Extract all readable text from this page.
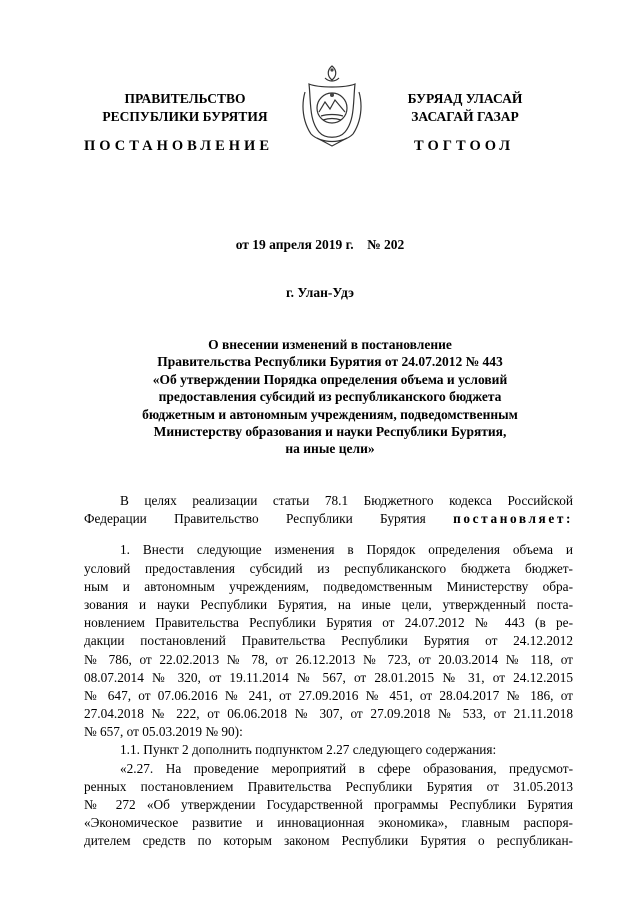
ПРАВИТЕЛЬСТВО
РЕСПУБЛИКИ БУРЯТИЯ
БУРЯАД УЛАСАЙ
ЗАСАГАЙ ГАЗАР
ПОСТАНОВЛЕНИЕ	ТОГТООЛ
от 19 апреля 2019 г.    № 202
г. Улан-Удэ
О внесении изменений в постановление
Правительства Республики Бурятия от 24.07.2012 № 443
«Об утверждении Порядка определения объема и условий
предоставления субсидий из республиканского бюджета
бюджетным и автономным учреждениям, подведомственным
Министерству образования и науки Республики Бурятия,
на иные цели»
В целях реализации статьи 78.1 Бюджетного кодекса Российской
Федерации Правительство Республики Бурятия постановляет:
1. Внести следующие изменения в Порядок определения объема и
условий предоставления субсидий из республиканского бюджета бюджет-
ным и автономным учреждениям, подведомственным Министерству обра-
зования и науки Республики Бурятия, на иные цели, утвержденный поста-
новлением Правительства Республики Бурятия от 24.07.2012 № 443 (в ре-
дакции постановлений Правительства Республики Бурятия от 24.12.2012
№ 786, от 22.02.2013 № 78, от 26.12.2013 № 723, от 20.03.2014 № 118, от
08.07.2014 № 320, от 19.11.2014 № 567, от 28.01.2015 № 31, от 24.12.2015
№ 647, от 07.06.2016 № 241, от 27.09.2016 № 451, от 28.04.2017 № 186, от
27.04.2018 № 222, от 06.06.2018 № 307, от 27.09.2018 № 533, от 21.11.2018
№ 657, от 05.03.2019 № 90):
1.1. Пункт 2 дополнить подпунктом 2.27 следующего содержания:
«2.27. На проведение мероприятий в сфере образования, предусмот-
ренных постановлением Правительства Республики Бурятия от 31.05.2013
№ 272 «Об утверждении Государственной программы Республики Бурятия
«Экономическое развитие и инновационная экономика», главным распоря-
дителем средств по которым законом Республики Бурятия о республикан-
